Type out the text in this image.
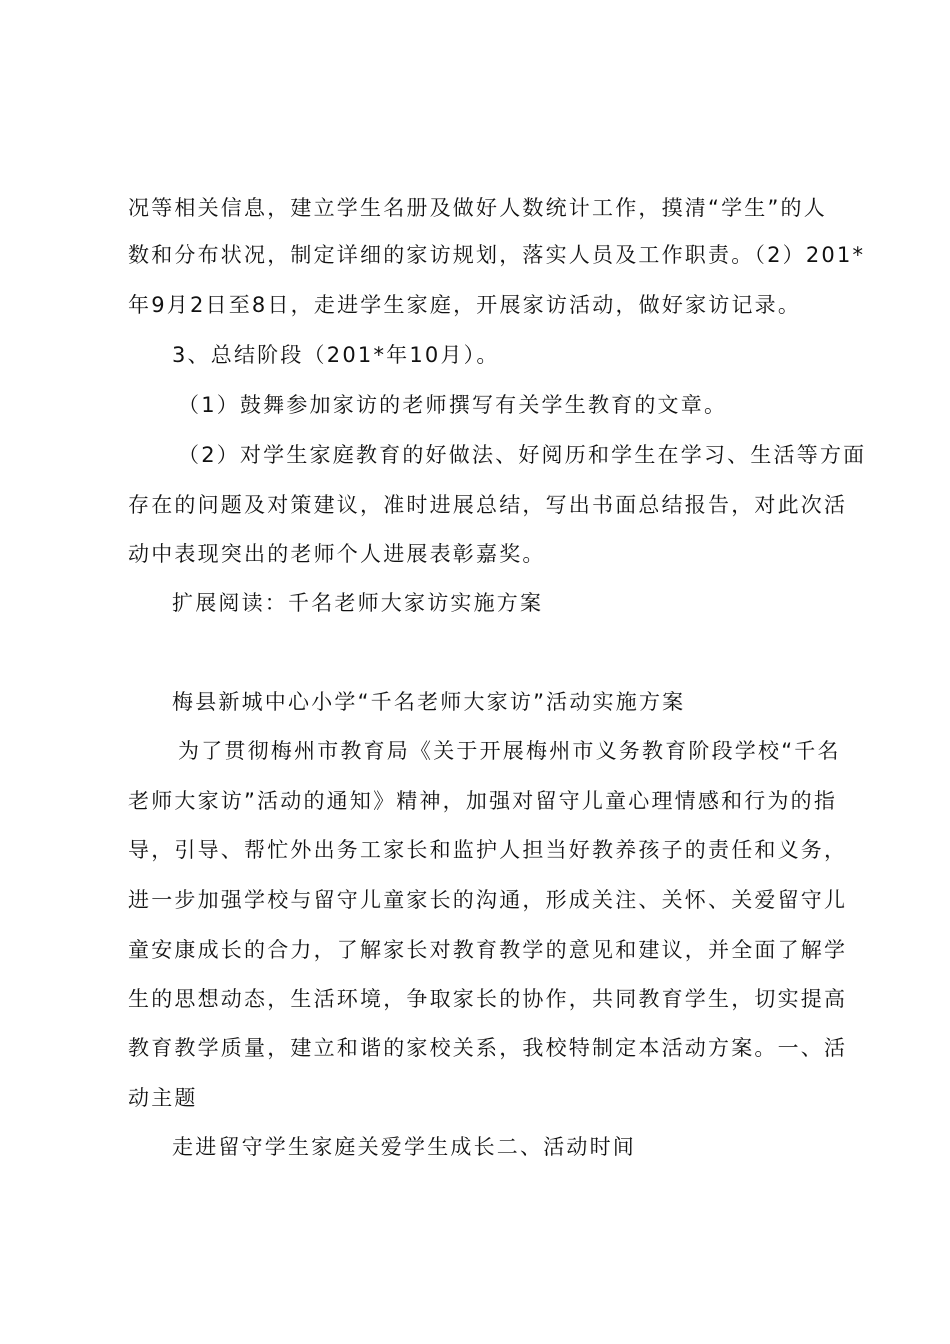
况等相关信息，建立学生名册及做好人数统计工作，摸清“学生”的人
数和分布状况，制定详细的家访规划，落实人员及工作职责。（2）201*
年9月2日至8日，走进学生家庭，开展家访活动，做好家访记录。
3、总结阶段（201*年10月）。
（1）鼓舞参加家访的老师撰写有关学生教育的文章。
（2）对学生家庭教育的好做法、好阅历和学生在学习、生活等方面
存在的问题及对策建议，准时进展总结，写出书面总结报告，对此次活
动中表现突出的老师个人进展表彰嘉奖。
扩展阅读：千名老师大家访实施方案
梅县新城中心小学“千名老师大家访”活动实施方案
为了贯彻梅州市教育局《关于开展梅州市义务教育阶段学校“千名
老师大家访”活动的通知》精神，加强对留守儿童心理情感和行为的指
导，引导、帮忙外出务工家长和监护人担当好教养孩子的责任和义务，
进一步加强学校与留守儿童家长的沟通，形成关注、关怀、关爱留守儿
童安康成长的合力，了解家长对教育教学的意见和建议，并全面了解学
生的思想动态，生活环境，争取家长的协作，共同教育学生，切实提高
教育教学质量，建立和谐的家校关系，我校特制定本活动方案。一、活
动主题
走进留守学生家庭关爱学生成长二、活动时间
